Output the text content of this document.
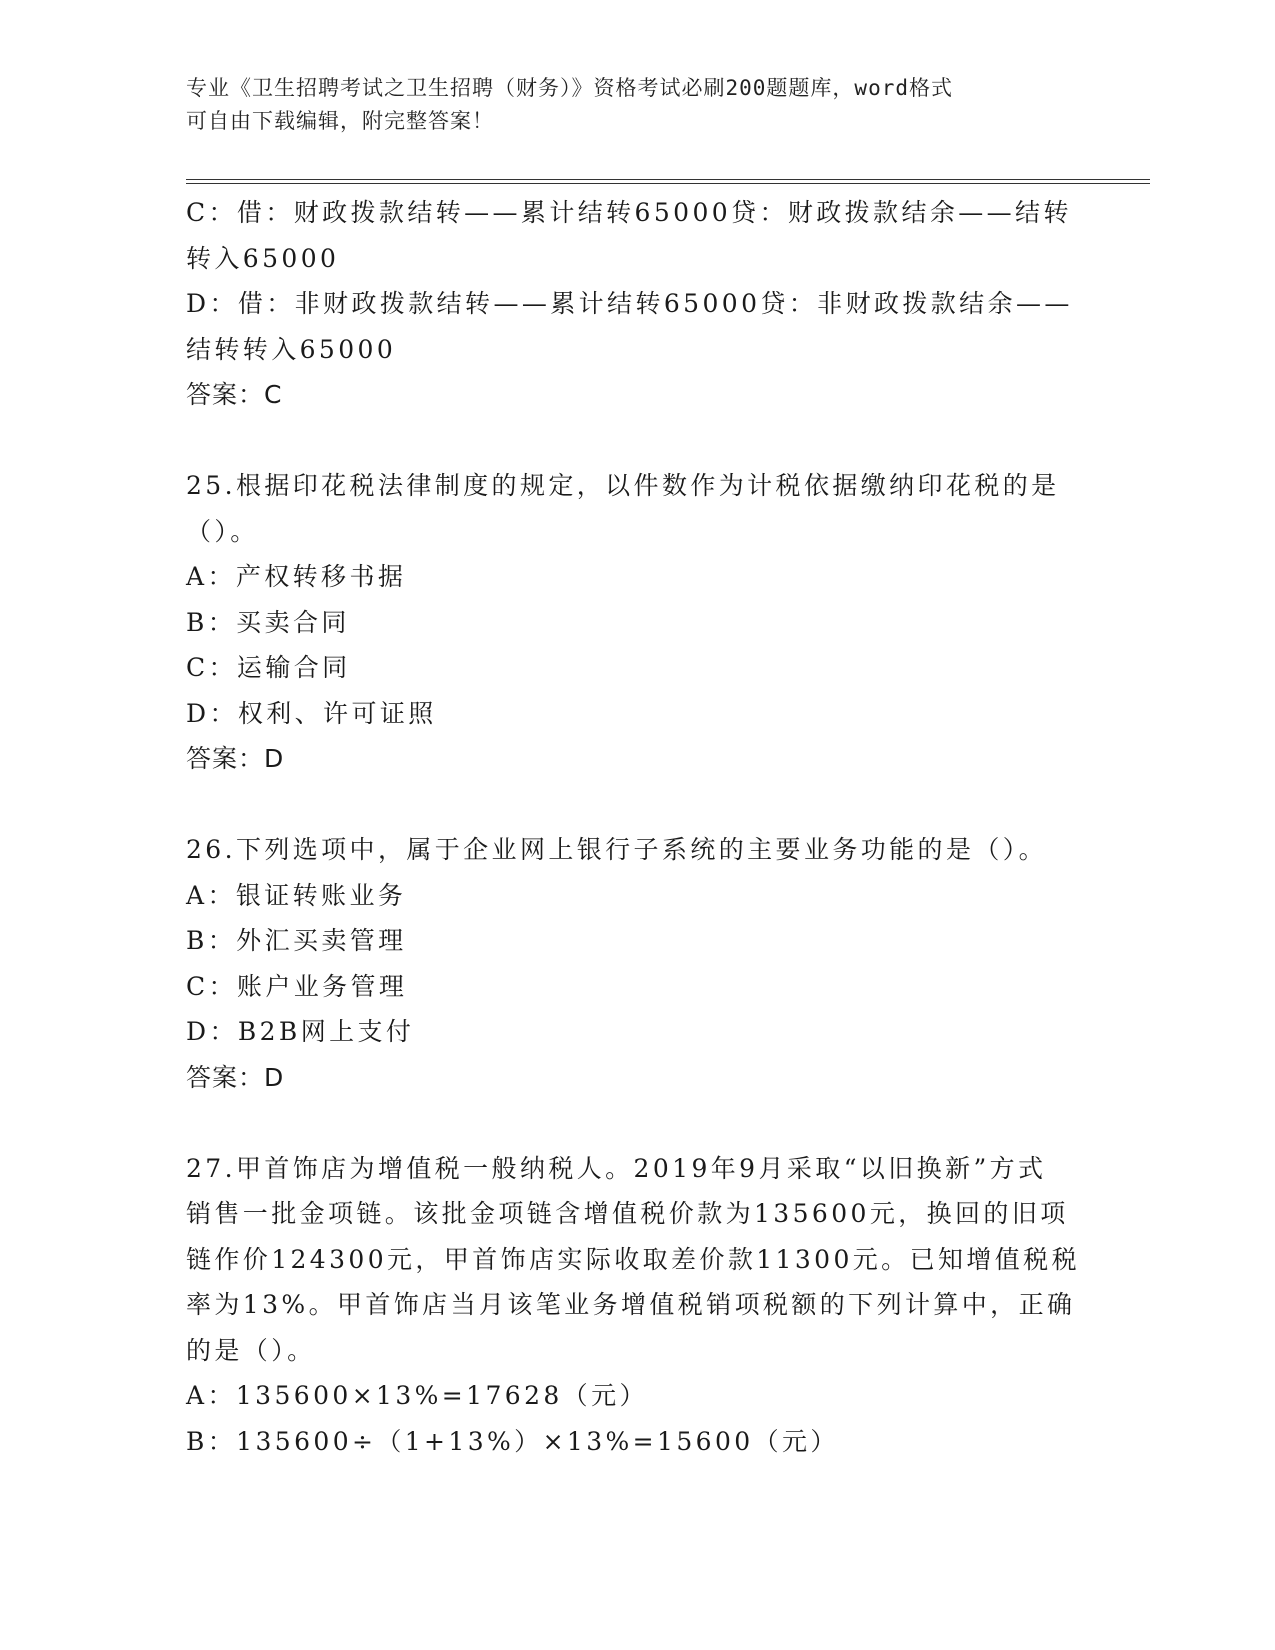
专业《卫生招聘考试之卫生招聘（财务）》资格考试必刷200题题库，word格式

可自由下载编辑，附完整答案！

C：借：财政拨款结转——累计结转65000贷：财政拨款结余——结转

转入65000

D：借：非财政拨款结转——累计结转65000贷：非财政拨款结余——

结转转入65000

答案：C

25.根据印花税法律制度的规定，以件数作为计税依据缴纳印花税的是

（）。

A：产权转移书据

B：买卖合同

C：运输合同

D：权利、许可证照

答案：D

26.下列选项中，属于企业网上银行子系统的主要业务功能的是（）。

A：银证转账业务

B：外汇买卖管理

C：账户业务管理

D：B2B网上支付

答案：D

27.甲首饰店为增值税一般纳税人。2019年9月采取“以旧换新”方式

销售一批金项链。该批金项链含增值税价款为135600元，换回的旧项

链作价124300元，甲首饰店实际收取差价款11300元。已知增值税税

率为13%。甲首饰店当月该笔业务增值税销项税额的下列计算中，正确

的是（）。

A：135600×13%=17628（元）

B：135600÷（1+13%）×13%=15600（元）
